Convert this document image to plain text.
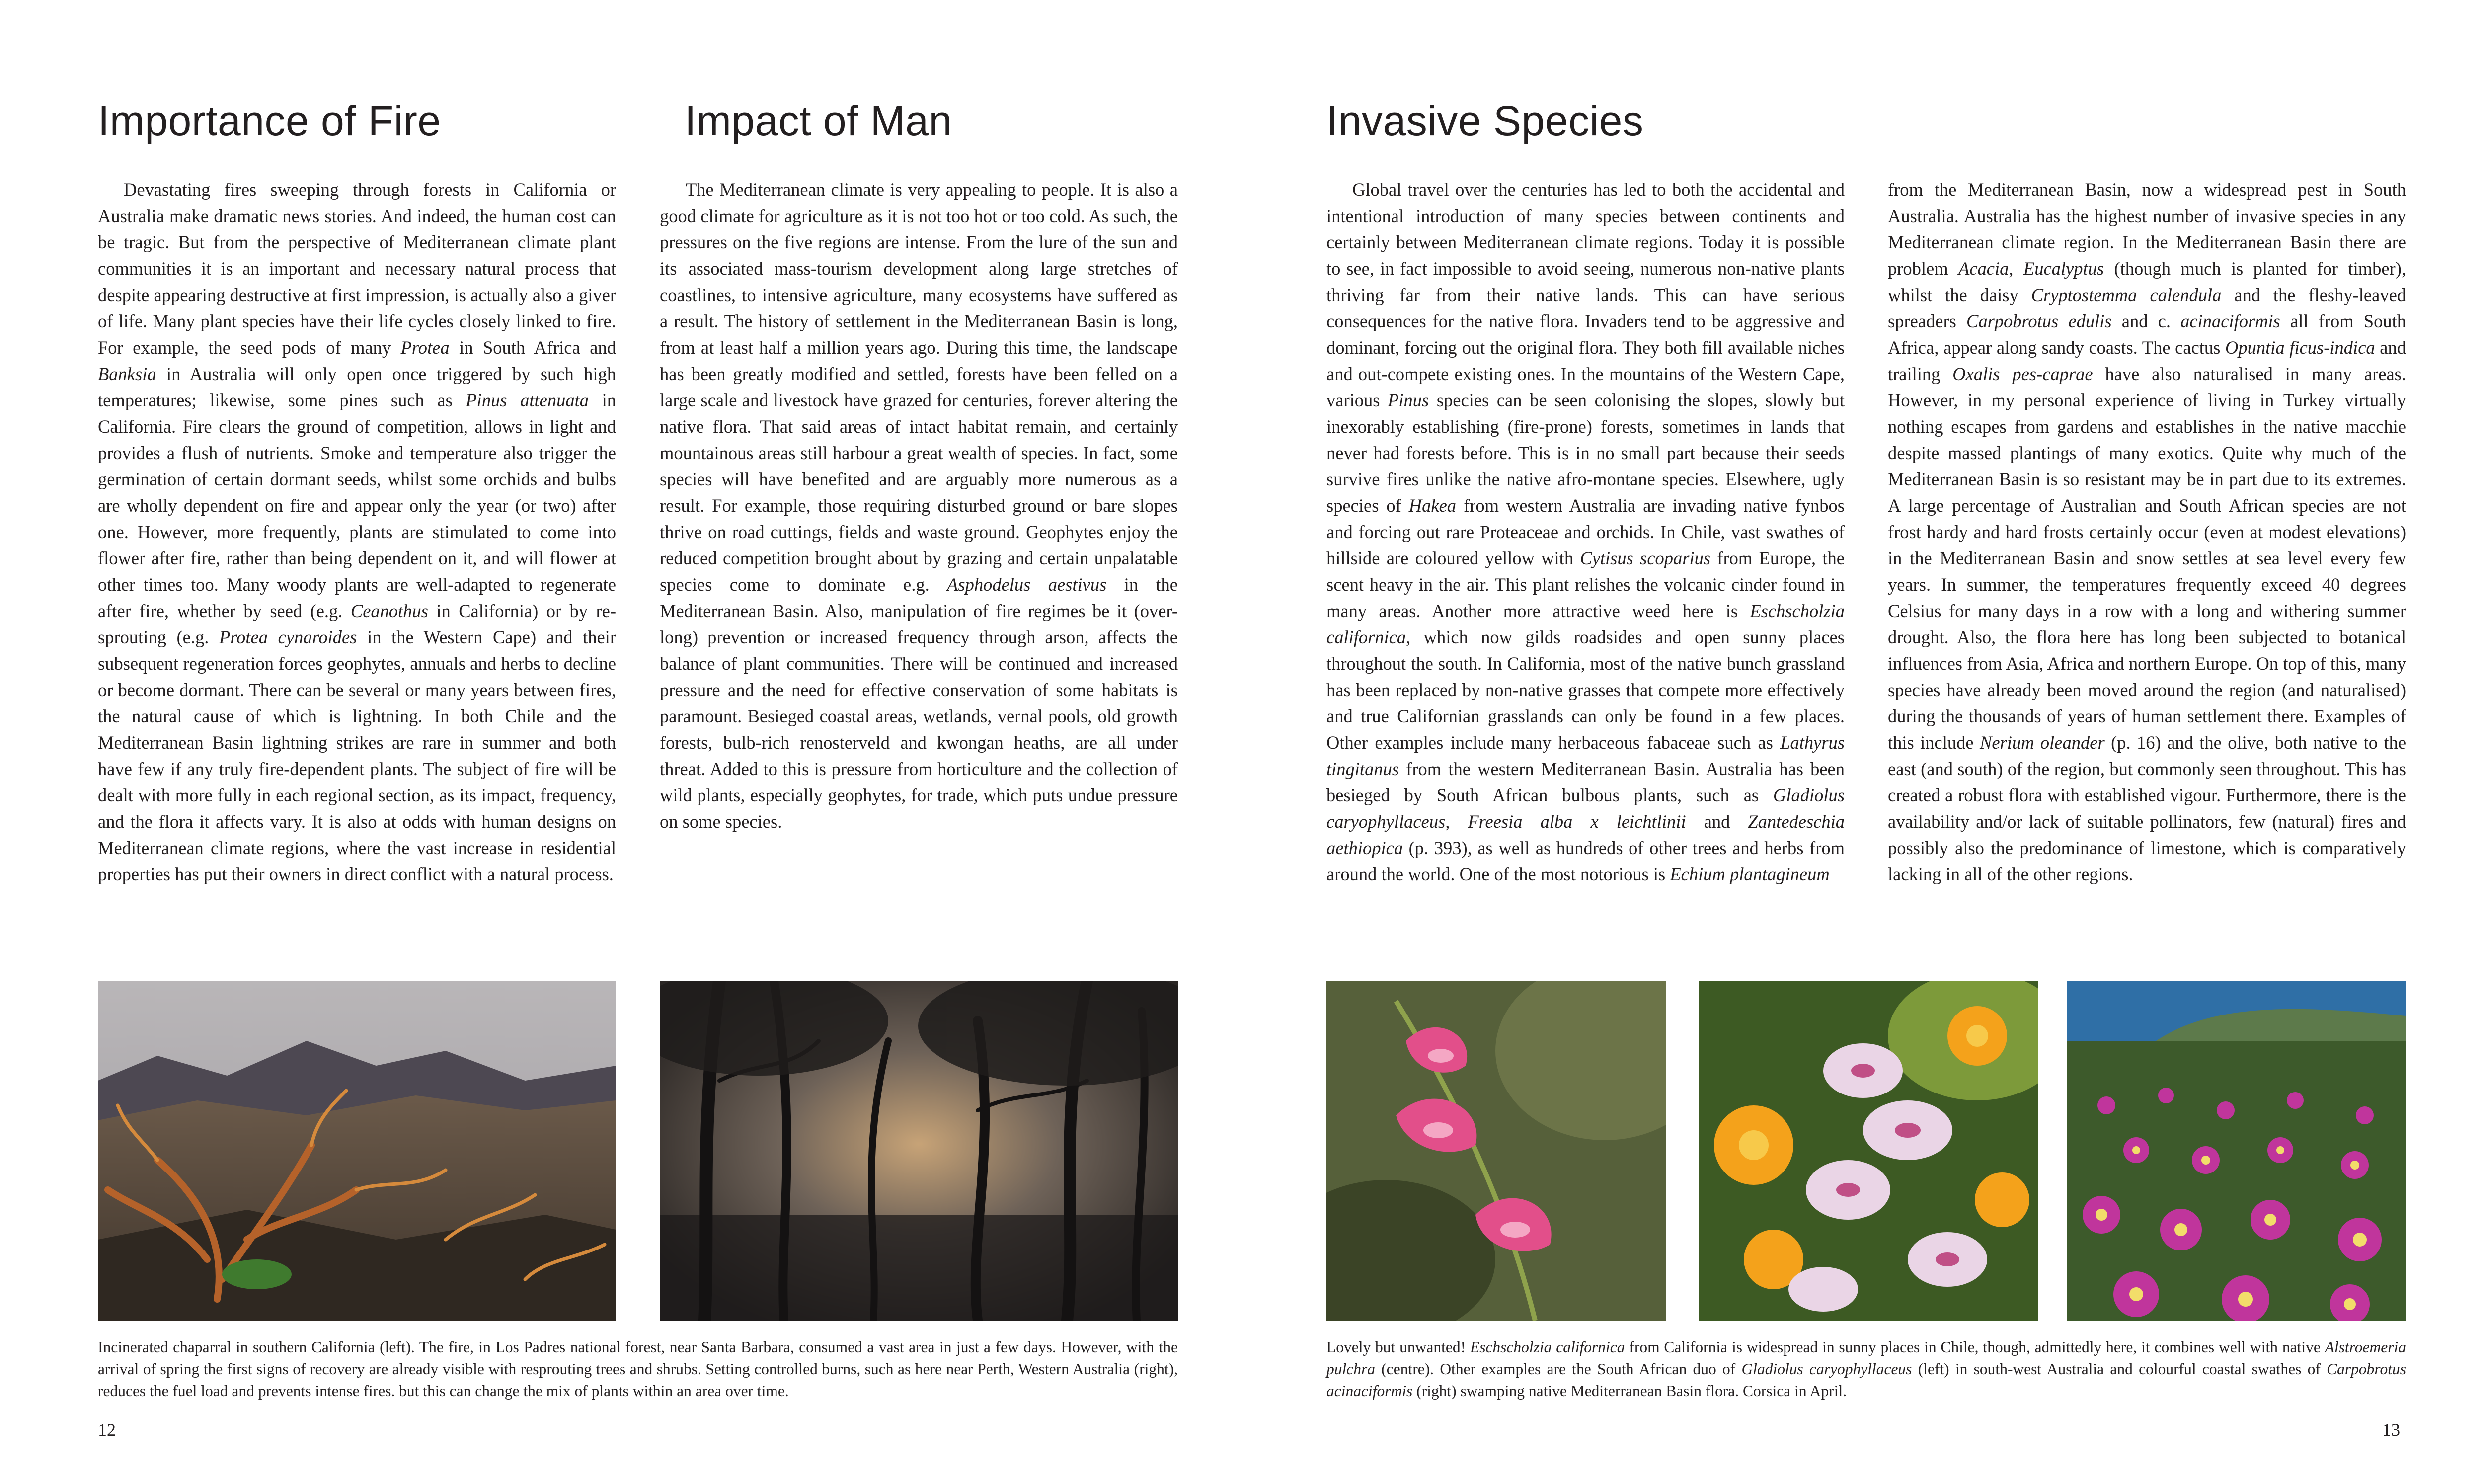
Importance of Fire	Impact of Man

Devastating fires sweeping through forests in California or Australia make dramatic news stories. And indeed, the human cost can be tragic. But from the perspective of Mediterranean climate plant communities it is an important and necessary natural process that despite appearing destructive at first impression, is actually also a giver of life. Many plant species have their life cycles closely linked to fire. For example, the seed pods of many Protea in South Africa and Banksia in Australia will only open once triggered by such high temperatures; likewise, some pines such as Pinus attenuata in California. Fire clears the ground of competition, allows in light and provides a flush of nutrients. Smoke and temperature also trigger the germination of certain dormant seeds, whilst some orchids and bulbs are wholly dependent on fire and appear only the year (or two) after one. However, more frequently, plants are stimulated to come into flower after fire, rather than being dependent on it, and will flower at other times too. Many woody plants are well-adapted to regenerate after fire, whether by seed (e.g. Ceanothus in California) or by re-sprouting (e.g. Protea cynaroides in the Western Cape) and their subsequent regeneration forces geophytes, annuals and herbs to decline or become dormant. There can be several or many years between fires, the natural cause of which is lightning. In both Chile and the Mediterranean Basin lightning strikes are rare in summer and both have few if any truly fire-dependent plants. The subject of fire will be dealt with more fully in each regional section, as its impact, frequency, and the flora it affects vary. It is also at odds with human designs on Mediterranean climate regions, where the vast increase in residential properties has put their owners in direct conflict with a natural process.

The Mediterranean climate is very appealing to people. It is also a good climate for agriculture as it is not too hot or too cold. As such, the pressures on the five regions are intense. From the lure of the sun and its associated mass-tourism development along large stretches of coastlines, to intensive agriculture, many ecosystems have suffered as a result. The history of settlement in the Mediterranean Basin is long, from at least half a million years ago. During this time, the landscape has been greatly modified and settled, forests have been felled on a large scale and livestock have grazed for centuries, forever altering the native flora. That said areas of intact habitat remain, and certainly mountainous areas still harbour a great wealth of species. In fact, some species will have benefited and are arguably more numerous as a result. For example, those requiring disturbed ground or bare slopes thrive on road cuttings, fields and waste ground. Geophytes enjoy the reduced competition brought about by grazing and certain unpalatable species come to dominate e.g. Asphodelus aestivus in the Mediterranean Basin. Also, manipulation of fire regimes be it (over-long) prevention or increased frequency through arson, affects the balance of plant communities. There will be continued and increased pressure and the need for effective conservation of some habitats is paramount. Besieged coastal areas, wetlands, vernal pools, old growth forests, bulb-rich renosterveld and kwongan heaths, are all under threat. Added to this is pressure from horticulture and the collection of wild plants, especially geophytes, for trade, which puts undue pressure on some species.

Incinerated chaparral in southern California (left). The fire, in Los Padres national forest, near Santa Barbara, consumed a vast area in just a few days. However, with the arrival of spring the first signs of recovery are already visible with resprouting trees and shrubs. Setting controlled burns, such as here near Perth, Western Australia (right), reduces the fuel load and prevents intense fires. but this can change the mix of plants within an area over time.
12
Invasive Species

Global travel over the centuries has led to both the accidental and intentional introduction of many species between continents and certainly between Mediterranean climate regions. Today it is possible to see, in fact impossible to avoid seeing, numerous non-native plants thriving far from their native lands. This can have serious consequences for the native flora. Invaders tend to be aggressive and dominant, forcing out the original flora. They both fill available niches and out-compete existing ones. In the mountains of the Western Cape, various Pinus species can be seen colonising the slopes, slowly but inexorably establishing (fire-prone) forests, sometimes in lands that never had forests before. This is in no small part because their seeds survive fires unlike the native afro-montane species. Elsewhere, ugly species of Hakea from western Australia are invading native fynbos and forcing out rare Proteaceae and orchids. In Chile, vast swathes of hillside are coloured yellow with Cytisus scoparius from Europe, the scent heavy in the air. This plant relishes the volcanic cinder found in many areas. Another more attractive weed here is Eschscholzia californica, which now gilds roadsides and open sunny places throughout the south. In California, most of the native bunch grassland has been replaced by non-native grasses that compete more effectively and true Californian grasslands can only be found in a few places. Other examples include many herbaceous fabaceae such as Lathyrus tingitanus from the western Mediterranean Basin. Australia has been besieged by South African bulbous plants, such as Gladiolus caryophyllaceus, Freesia alba x leichtlinii and Zantedeschia aethiopica (p. 393), as well as hundreds of other trees and herbs from around the world. One of the most notorious is Echium plantagineum

from the Mediterranean Basin, now a widespread pest in South Australia. Australia has the highest number of invasive species in any Mediterranean climate region. In the Mediterranean Basin there are problem Acacia, Eucalyptus (though much is planted for timber), whilst the daisy Cryptostemma calendula and the fleshy-leaved spreaders Carpobrotus edulis and c. acinaciformis all from South Africa, appear along sandy coasts. The cactus Opuntia ficus-indica and trailing Oxalis pes-caprae have also naturalised in many areas. However, in my personal experience of living in Turkey virtually nothing escapes from gardens and establishes in the native macchie despite massed plantings of many exotics. Quite why much of the Mediterranean Basin is so resistant may be in part due to its extremes. A large percentage of Australian and South African species are not frost hardy and hard frosts certainly occur (even at modest elevations) in the Mediterranean Basin and snow settles at sea level every few years. In summer, the temperatures frequently exceed 40 degrees Celsius for many days in a row with a long and withering summer drought. Also, the flora here has long been subjected to botanical influences from Asia, Africa and northern Europe. On top of this, many species have already been moved around the region (and naturalised) during the thousands of years of human settlement there. Examples of this include Nerium oleander (p. 16) and the olive, both native to the east (and south) of the region, but commonly seen throughout. This has created a robust flora with established vigour. Furthermore, there is the availability and/or lack of suitable pollinators, few (natural) fires and possibly also the predominance of limestone, which is comparatively lacking in all of the other regions.

Lovely but unwanted! Eschscholzia californica from California is widespread in sunny places in Chile, though, admittedly here, it combines well with native Alstroemeria pulchra (centre). Other examples are the South African duo of Gladiolus caryophyllaceus (left) in south-west Australia and colourful coastal swathes of Carpobrotus acinaciformis (right) swamping native Mediterranean Basin flora. Corsica in April.
13
